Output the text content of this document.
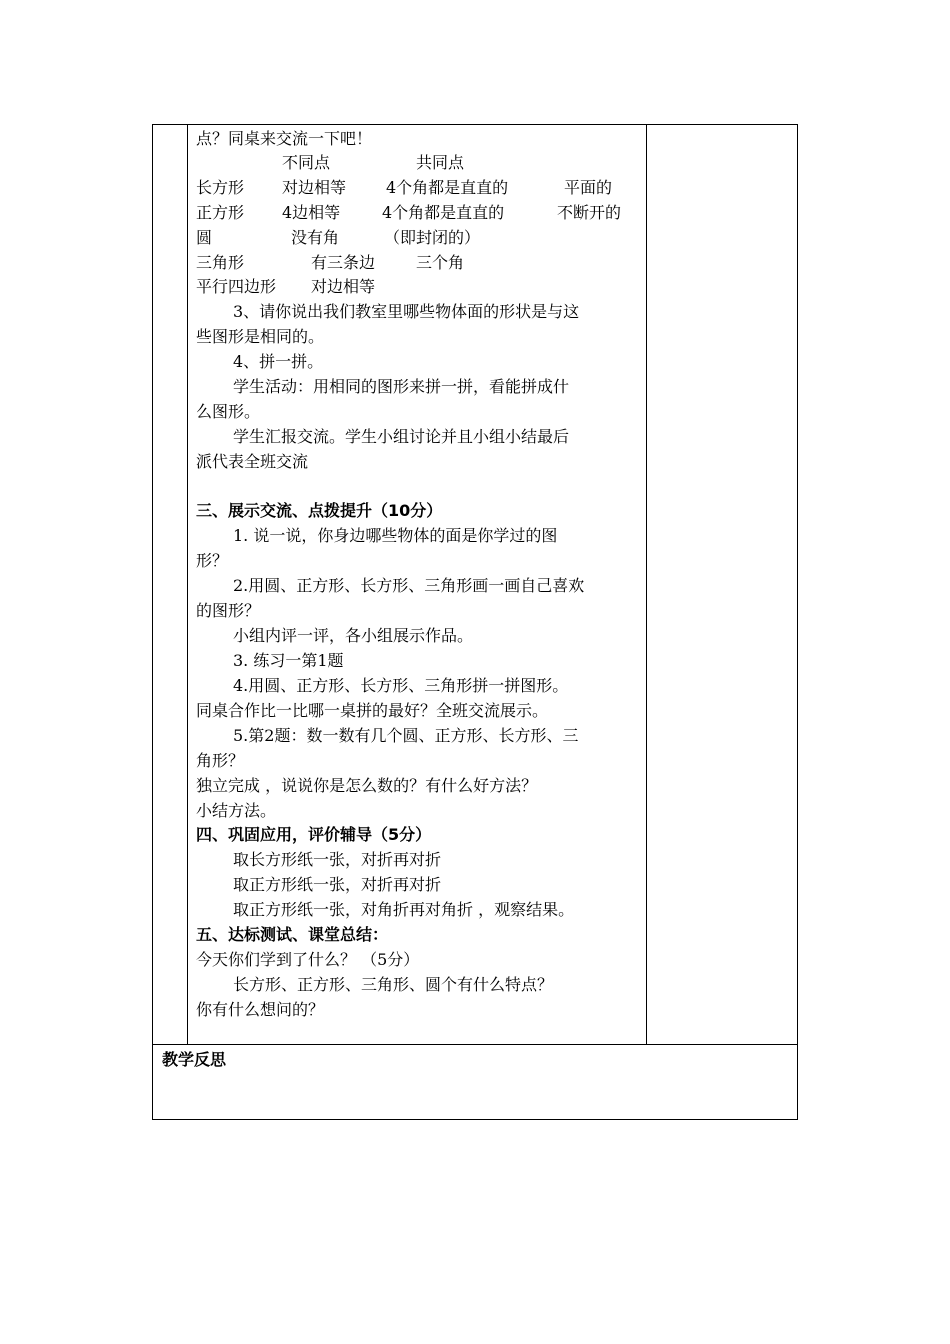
点？同桌来交流一下吧！
不同点	共同点
长方形 对边相等 4个角都是直直的	平面的
正方形 4边相等	4个角都是直直的	不断开的
圆	没有角	（即封闭的）
三角形	有三条边	三个角
平行四边形 对边相等
3、请你说出我们教室里哪些物体面的形状是与这
些图形是相同的。
4、拼一拼。
学生活动：用相同的图形来拼一拼，看能拼成什
么图形。
学生汇报交流。学生小组讨论并且小组小结最后
派代表全班交流
三、展示交流、点拨提升（10分）
1. 说一说，你身边哪些物体的面是你学过的图
形？
2.用圆、正方形、长方形、三角形画一画自己喜欢
的图形？
小组内评一评，各小组展示作品。
3. 练习一第1题
4.用圆、正方形、长方形、三角形拼一拼图形。
同桌合作比一比哪一桌拼的最好？全班交流展示。
5.第2题：数一数有几个圆、正方形、长方形、三
角形？
独立完成 ，说说你是怎么数的？有什么好方法？
小结方法。
四、巩固应用，评价辅导（5分）
取长方形纸一张，对折再对折
取正方形纸一张，对折再对折
取正方形纸一张，对角折再对角折 ，观察结果。
五、达标测试、课堂总结：
今天你们学到了什么？ （5分）
长方形、正方形、三角形、圆个有什么特点？
你有什么想问的？
教学反思
